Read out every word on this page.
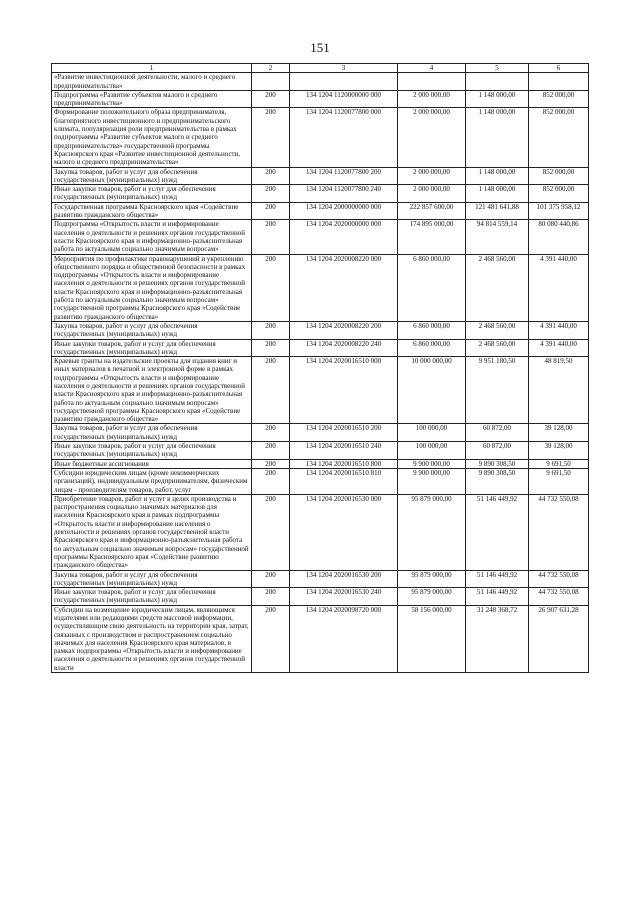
151
1	2	3	4	5	6
«Развитие инвестиционной деятельности, малого и среднего предпринимательства»					
Подпрограмма «Развитие субъектов малого и среднего предпринимательства»	200	134 1204 1120000000 000	2 000 000,00	1 148 000,00	852 000,00
Формирование положительного образа предпринимателя, благоприятного инвестиционного и предпринимательского климата, популяризация роли предпринимательства в рамках подпрограммы «Развитие субъектов малого и среднего предпринимательства» государственной программы Красноярского края «Развитие инвестиционной деятельности, малого и среднего предпринимательства»	200	134 1204 1120077800 000	2 000 000,00	1 148 000,00	852 000,00
Закупка товаров, работ и услуг для обеспечения государственных (муниципальных) нужд	200	134 1204 1120077800 200	2 000 000,00	1 148 000,00	852 000,00
Иные закупки товаров, работ и услуг для обеспечения государственных (муниципальных) нужд	200	134 1204 1120077800 240	2 000 000,00	1 148 000,00	852 000,00
Государственная программа Красноярского края «Содействие развитию гражданского общества»	200	134 1204 2000000000 000	222 857 600,00	121 481 641,88	101 375 958,12
Подпрограмма «Открытость власти и информирование населения о деятельности и решениях органов государственной власти Красноярского края и информационно-разъяснительная работа по актуальным социально значимым вопросам»	200	134 1204 2020000000 000	174 895 000,00	94 814 559,14	80 080 440,86
Мероприятия по профилактике правонарушений и укреплению общественного порядка и общественной безопасности в рамках подпрограммы «Открытость власти и информирование населения о деятельности и решениях органов государственной власти Красноярского края и информационно-разъяснительная работа по актуальным социально значимым вопросам» государственной программы Красноярского края «Содействие развитию гражданского общества»	200	134 1204 2020008220 000	6 860 000,00	2 468 560,00	4 391 440,00
Закупка товаров, работ и услуг для обеспечения государственных (муниципальных) нужд	200	134 1204 2020008220 200	6 860 000,00	2 468 560,00	4 391 440,00
Иные закупки товаров, работ и услуг для обеспечения государственных (муниципальных) нужд	200	134 1204 2020008220 240	6 860 000,00	2 468 560,00	4 391 440,00
Краевые гранты на издательские проекты для издания книг и иных материалов в печатной и электронной форме в рамках подпрограммы «Открытость власти и информирование населения о деятельности и решениях органов государственной власти Красноярского края и информационно-разъяснительная работа по актуальным социально значимым вопросам» государственной программы Красноярского края «Содействие развитию гражданского общества»	200	134 1204 2020016510 000	10 000 000,00	9 951 180,50	48 819,50
Закупка товаров, работ и услуг для обеспечения государственных (муниципальных) нужд	200	134 1204 2020016510 200	100 000,00	60 872,00	39 128,00
Иные закупки товаров, работ и услуг для обеспечения государственных (муниципальных) нужд	200	134 1204 2020016510 240	100 000,00	60 872,00	39 128,00
Иные бюджетные ассигнования	200	134 1204 2020016510 800	9 900 000,00	9 890 308,50	9 691,50
Субсидии юридическим лицам (кроме некоммерческих организаций), индивидуальным предпринимателям, физическим лицам - производителям товаров, работ, услуг	200	134 1204 2020016510 810	9 900 000,00	9 890 308,50	9 691,50
Приобретение товаров, работ и услуг в целях производства и распространения социально значимых материалов для населения Красноярского края в рамках подпрограммы «Открытость власти и информирование населения о деятельности и решениях органов государственной власти Красноярского края и информационно-разъяснительная работа по актуальным социально значимым вопросам» государственной программы Красноярского края «Содействие развитию гражданского общества»	200	134 1204 2020016530 000	95 879 000,00	51 146 449,92	44 732 550,08
Закупка товаров, работ и услуг для обеспечения государственных (муниципальных) нужд	200	134 1204 2020016530 200	95 879 000,00	51 146 449,92	44 732 550,08
Иные закупки товаров, работ и услуг для обеспечения государственных (муниципальных) нужд	200	134 1204 2020016530 240	95 879 000,00	51 146 449,92	44 732 550,08
Субсидии на возмещение юридическим лицам, являющимся издателями или редакциями средств массовой информации, осуществляющим свою деятельность на территории края, затрат, связанных с производством и распространением социально значимых для населения Красноярского края материалов, в рамках подпрограммы «Открытость власти и информирование населения о деятельности и решениях органов государственной власти	200	134 1204 2020098720 000	58 156 000,00	31 248 368,72	26 907 631,28
